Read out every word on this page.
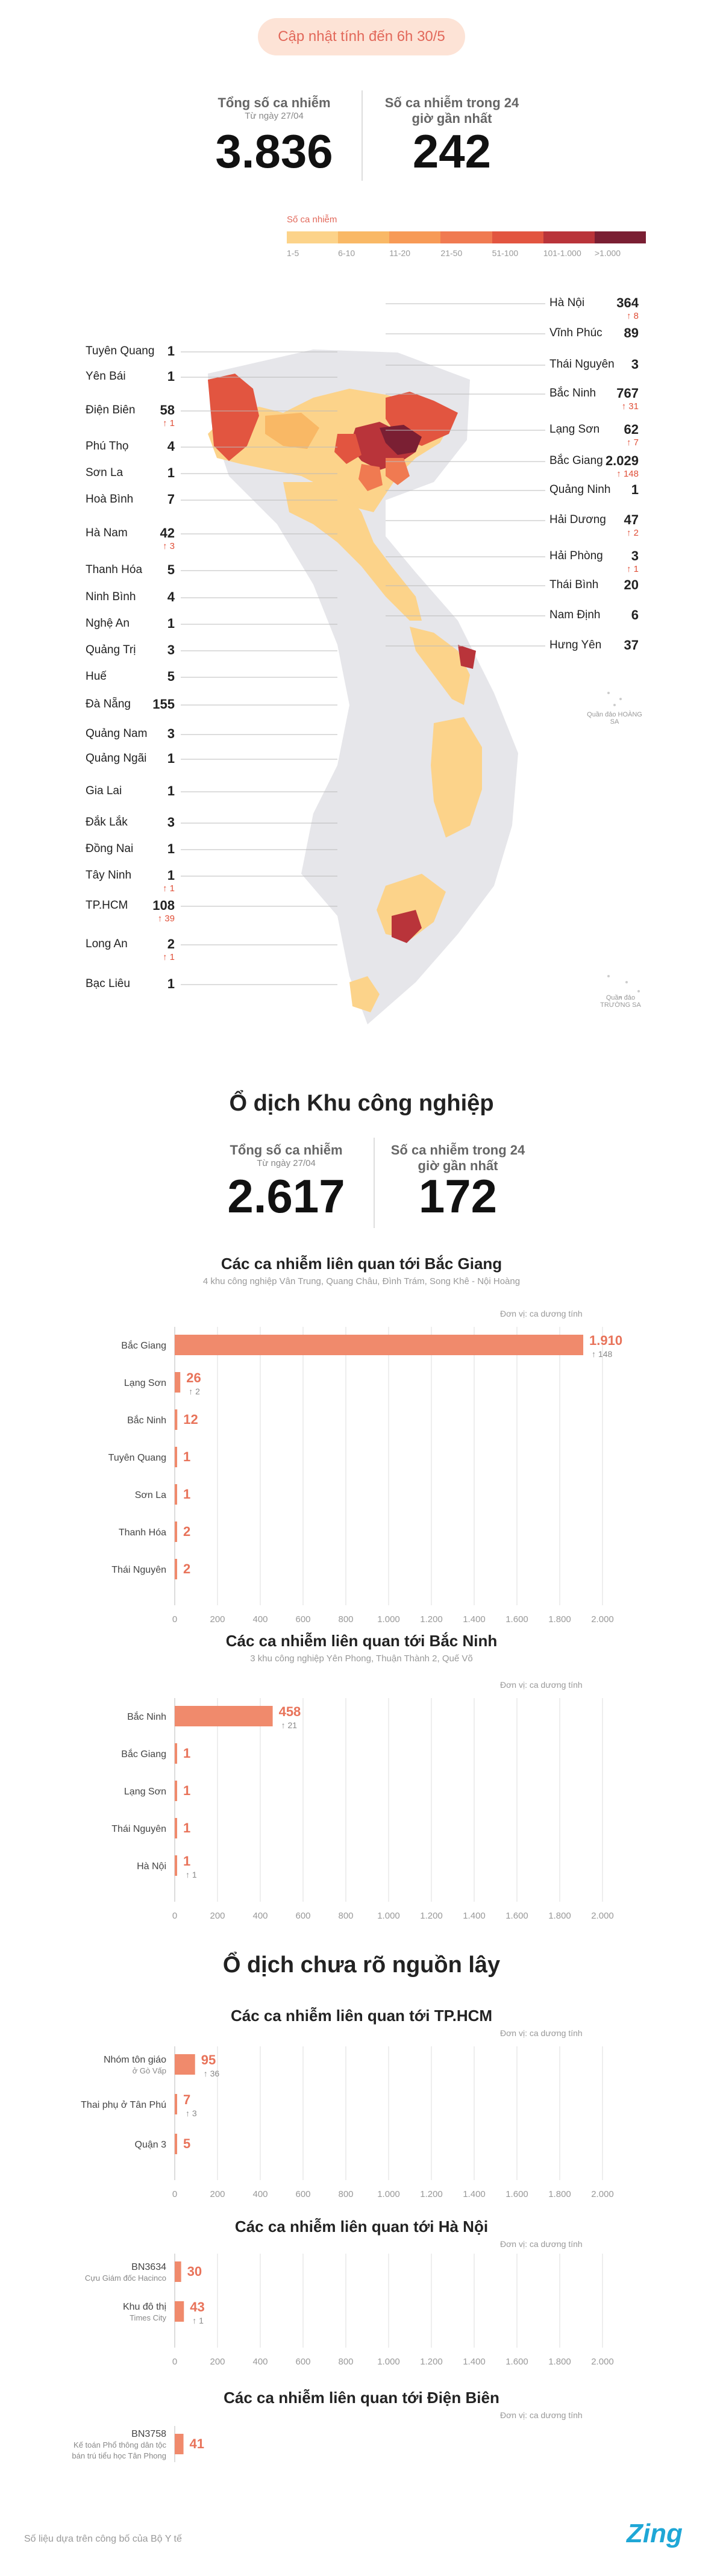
Cập nhật tính đến 6h 30/5
Tổng số ca nhiễm
Từ ngày 27/04
3.836
Số ca nhiễm trong 24 giờ gần nhất
242
Số ca nhiễm
1-5	6-10	11-20	21-50	51-100	101-1.000 >1.000
Quần đảo HOÀNG SA
Quần đảo TRƯỜNG SA
Tuyên Quang 1
Yên Bái	1
Điện Biên	58
↑ 1
Phú Thọ	4
Sơn La	1
Hoà Bình	7
Hà Nam	42
↑ 3
Thanh Hóa	5
Ninh Bình	4
Nghệ An	1
Quảng Trị	3
Huế	5
Đà Nẵng	155
Quảng Nam	3
Quảng Ngãi	1
Gia Lai	1
Đắk Lắk	3
Đồng Nai	1
Tây Ninh	1
↑ 1
TP.HCM	108
↑ 39
Long An	2
↑ 1
Bạc Liêu	1
Hà Nội	364
↑ 8
Vĩnh Phúc	89
Thái Nguyên	3
Bắc Ninh	767
↑ 31
Lạng Sơn	62
↑ 7
Bắc Giang 2.029
↑ 148
Quảng Ninh	1
Hải Dương	47
↑ 2
Hải Phòng	3
↑ 1
Thái Bình	20
Nam Định	6
Hưng Yên	37
Ổ dịch Khu công nghiệp
Tổng số ca nhiễm
Từ ngày 27/04
2.617
Số ca nhiễm trong 24 giờ gần nhất
172
Ổ dịch chưa rõ nguồn lây
Các ca nhiễm liên quan tới Bắc Giang
4 khu công nghiệp Vân Trung, Quang Châu, Đình Trám, Song Khê - Nội Hoàng
Đơn vị: ca dương tính
0	200	400	600	800	1.000 1.200 1.400 1.600 1.800 2.000
Bắc Giang	1.910
↑ 148
Lạng Sơn 26
↑ 2
Bắc Ninh 12
Tuyên Quang 1
Sơn La 1
Thanh Hóa 2
Thái Nguyên 2
Các ca nhiễm liên quan tới Bắc Ninh
3 khu công nghiệp Yên Phong, Thuận Thành 2, Quế Võ
Đơn vị: ca dương tính
0	200	400	600	800	1.000 1.200 1.400 1.600 1.800 2.000
Bắc Ninh	458
↑ 21
Bắc Giang 1
Lạng Sơn 1
Thái Nguyên 1
Hà Nội 1
↑ 1
Các ca nhiễm liên quan tới TP.HCM
Đơn vị: ca dương tính
0	200	400	600	800	1.000 1.200 1.400 1.600 1.800 2.000
Nhóm tôn giáo
ở Gò Vấp
95
↑ 36
Thai phụ ở Tân Phú 7
↑ 3
Quận 3 5
Các ca nhiễm liên quan tới Hà Nội
Đơn vị: ca dương tính
0	200	400	600	800	1.000 1.200 1.400 1.600 1.800 2.000
BN3634
Cựu Giám đốc Hacinco 30
Khu đô thị
Times City
43
↑ 1
Các ca nhiễm liên quan tới Điện Biên
Đơn vị: ca dương tính
BN3758
Kế toán Phổ thông dân tộc
bán trú tiểu học Tân Phong
41
Số liệu dựa trên công bố của Bộ Y tế	Zing
